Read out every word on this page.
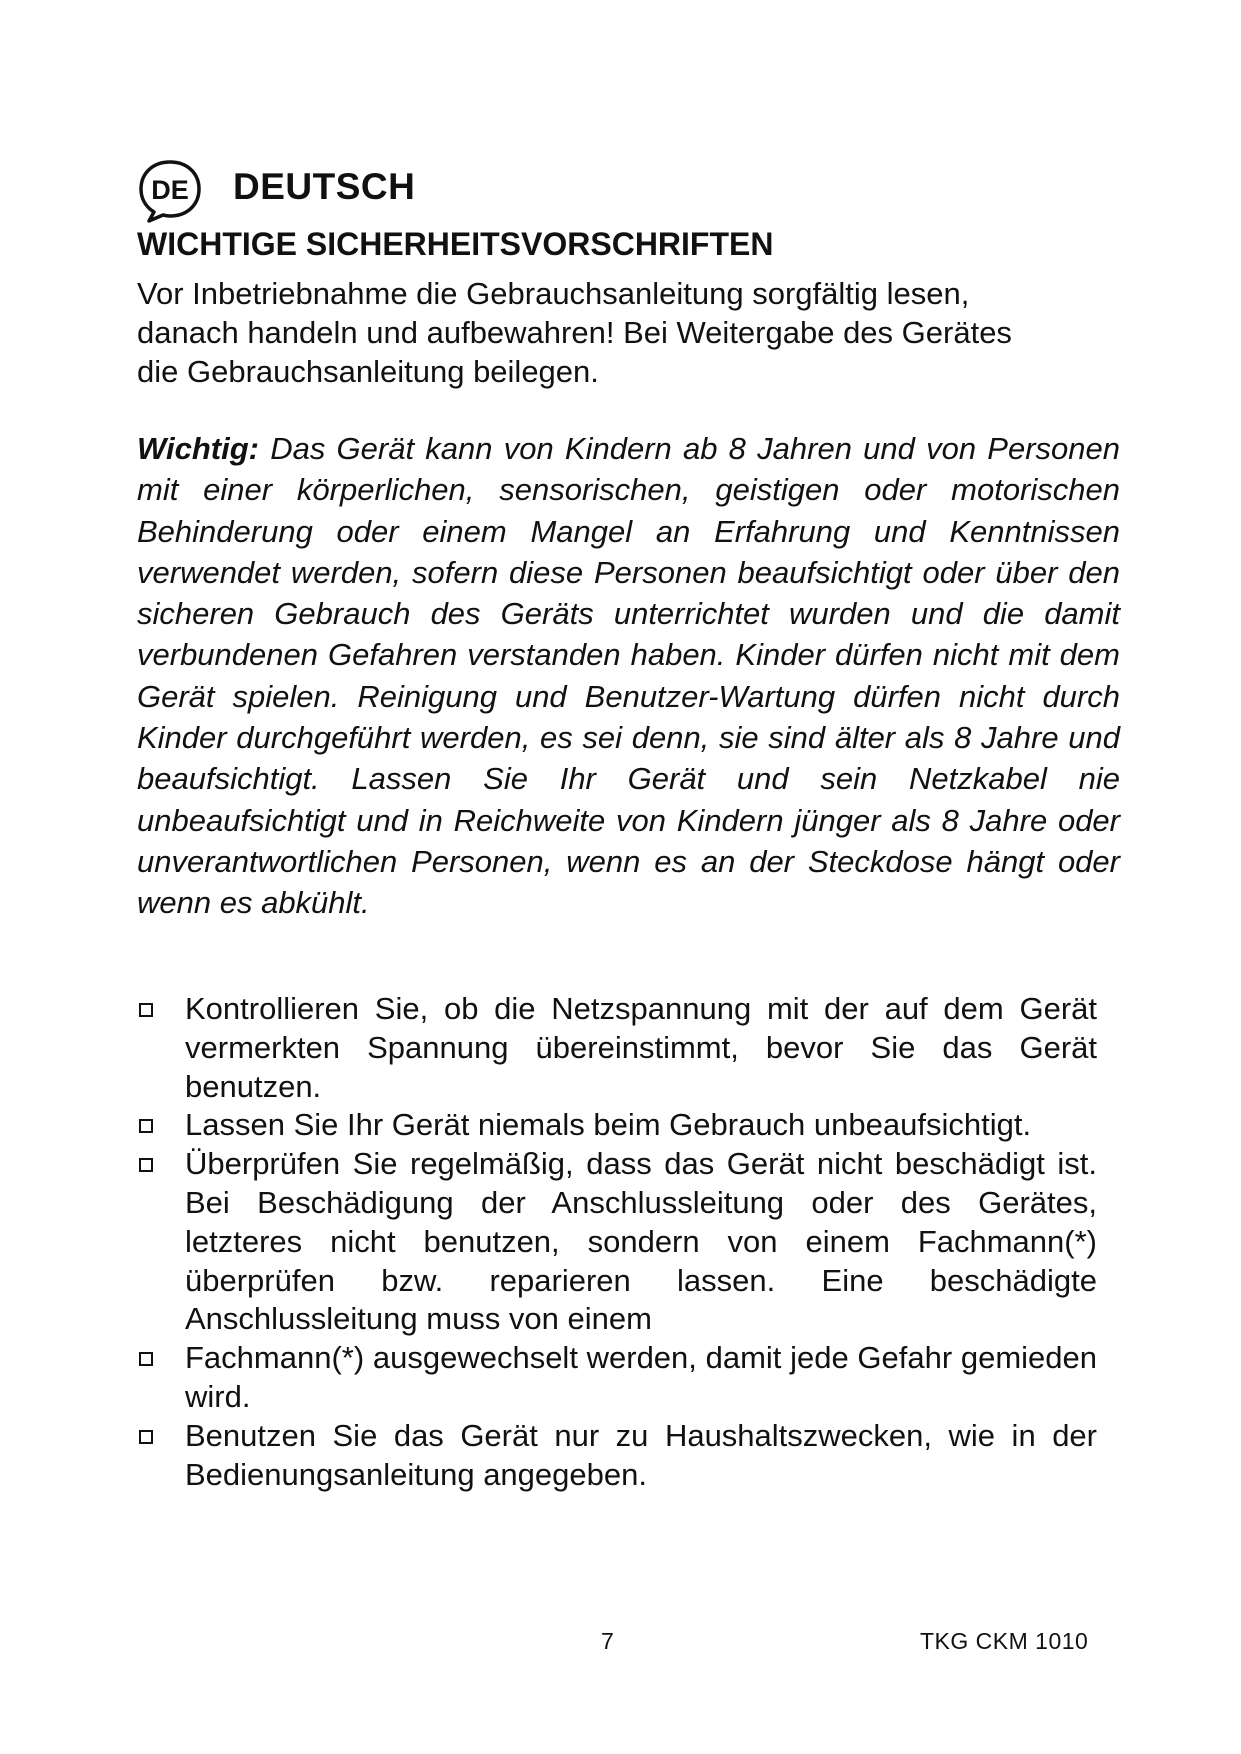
DE DEUTSCH
WICHTIGE SICHERHEITSVORSCHRIFTEN
Vor Inbetriebnahme die Gebrauchsanleitung sorgfältig lesen,
danach handeln und aufbewahren! Bei Weitergabe des Gerätes
die Gebrauchsanleitung beilegen.
Wichtig: Das Gerät kann von Kindern ab 8 Jahren und von Personen mit einer körperlichen, sensorischen, geistigen oder motorischen Behinderung oder einem Mangel an Erfahrung und Kenntnissen verwendet werden, sofern diese Personen beaufsichtigt oder über den sicheren Gebrauch des Geräts unterrichtet wurden und die damit verbundenen Gefahren verstanden haben. Kinder dürfen nicht mit dem Gerät spielen. Reinigung und Benutzer-Wartung dürfen nicht durch Kinder durchgeführt werden, es sei denn, sie sind älter als 8 Jahre und beaufsichtigt. Lassen Sie Ihr Gerät und sein Netzkabel nie unbeaufsichtigt und in Reichweite von Kindern jünger als 8 Jahre oder unverantwortlichen Personen, wenn es an der Steckdose hängt oder wenn es abkühlt.
Kontrollieren Sie, ob die Netzspannung mit der auf dem Gerät vermerkten Spannung übereinstimmt, bevor Sie das Gerät benutzen.
Lassen Sie Ihr Gerät niemals beim Gebrauch unbeaufsichtigt.
Überprüfen Sie regelmäßig, dass das Gerät nicht beschädigt ist. Bei Beschädigung der Anschlussleitung oder des Gerätes, letzteres nicht benutzen, sondern von einem Fachmann(*) überprüfen bzw. reparieren lassen. Eine beschädigte Anschlussleitung muss von einem
Fachmann(*) ausgewechselt werden, damit jede Gefahr gemieden wird.
Benutzen Sie das Gerät nur zu Haushaltszwecken, wie in der Bedienungsanleitung angegeben.
7	TKG CKM 1010
